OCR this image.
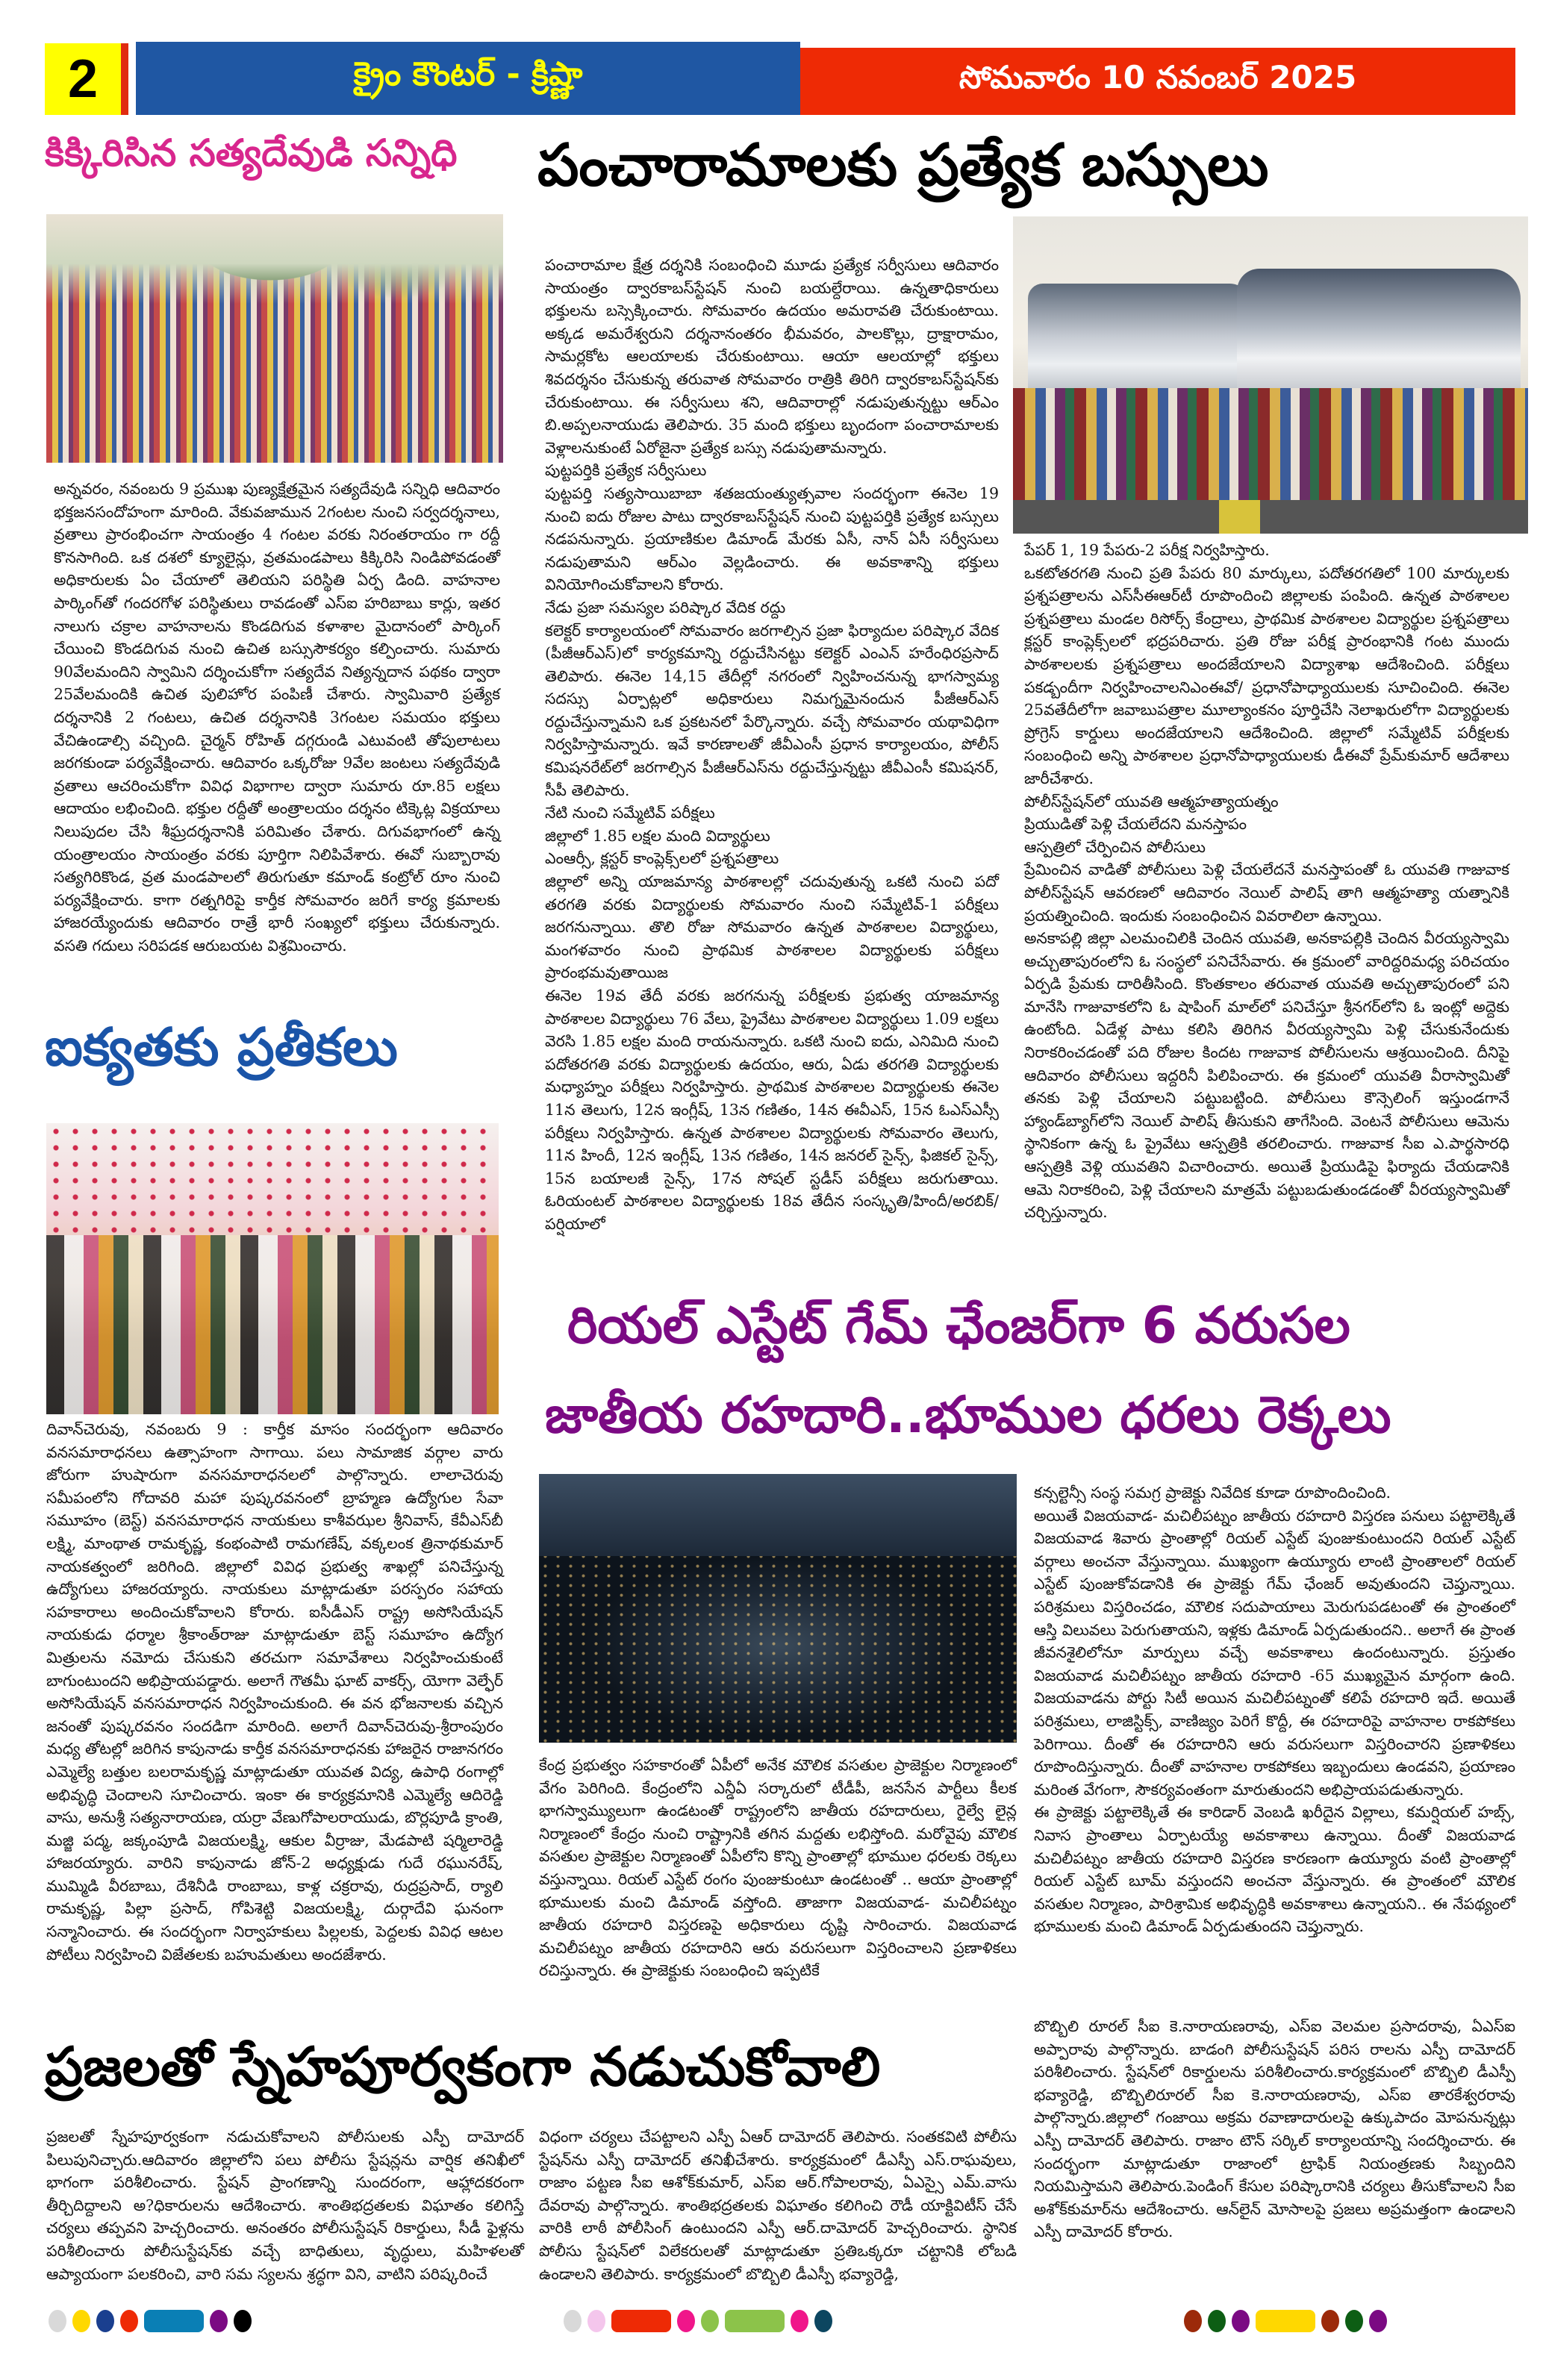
2	క్రైం కౌంటర్ - క్రిష్ణా	సోమవారం 10 నవంబర్ 2025
కిక్కిరిసిన సత్యదేవుడి సన్నిధి

అన్నవరం, నవంబరు 9 ప్రముఖ పుణ్యక్షేత్రమైన సత్యదేవుడి సన్నిధి ఆదివారం భక్తజనసందోహంగా మారింది. వేకువజామున 2గంటల నుంచి సర్వదర్శనాలు, వ్రతాలు ప్రారంభించగా సాయంత్రం 4 గంటల వరకు నిరంతరాయం గా రద్దీ కొనసాగింది. ఒక దశలో క్యూలైన్లు, వ్రతమండపాలు కిక్కిరిసి నిండిపోవడంతో అధికారులకు ఏం చేయాలో తెలియని పరిస్థితి ఏర్ప డింది. వాహనాల పార్కింగ్‌తో గందరగోళ పరిస్థితులు రావడంతో ఎస్‌ఐ హరిబాబు కార్లు, ఇతర నాలుగు చక్రాల వాహనాలను కొండదిగువ కళాశాల మైదానంలో పార్కింగ్ చేయించి కొండదిగువ నుంచి ఉచిత బస్సుసౌకర్యం కల్పించారు. సుమారు 90వేలమందిని స్వామిని దర్శించుకోగా సత్యదేవ నిత్యన్నదాన పథకం ద్వారా 25వేలమందికి ఉచిత పులిహోర పంపిణీ చేశారు. స్వామివారి ప్రత్యేక దర్శనానికి 2 గంటలు, ఉచిత దర్శనానికి 3గంటల సమయం భక్తులు వేచిఉండాల్సి వచ్చింది. చైర్మన్ రోహిత్ దగ్గరుండి ఎటువంటి తోపులాటలు జరగకుండా పర్యవేక్షించారు. ఆదివారం ఒక్కరోజు 9వేల జంటలు సత్యదేవుడి వ్రతాలు ఆచరించుకోగా వివిధ విభాగాల ద్వారా సుమారు రూ.85 లక్షలు ఆదాయం లభించింది. భక్తుల రద్దీతో అంత్రాలయం దర్శనం టిక్కెట్ల విక్రయాలు నిలుపుదల చేసి శీఘ్రదర్శనానికి పరిమితం చేశారు. దిగువభాగంలో ఉన్న యంత్రాలయం సాయంత్రం వరకు పూర్తిగా నిలిపివేశారు. ఈవో సుబ్బారావు సత్యగిరికొండ, వ్రత మండపాలలో తిరుగుతూ కమాండ్ కంట్రోల్ రూం నుంచి పర్యవేక్షించారు. కాగా రత్నగిరిపై కార్తీక సోమవారం జరిగే కార్య క్రమాలకు హాజరయ్యేందుకు ఆదివారం రాత్రే భారీ సంఖ్యలో భక్తులు చేరుకున్నారు. వసతి గదులు సరిపడక ఆరుబయట విశ్రమించారు.

పంచారామాలకు ప్రత్యేక బస్సులు

పంచారామాల క్షేత్ర దర్శనికి సంబంధించి మూడు ప్రత్యేక సర్వీసులు ఆదివారం సాయంత్రం ద్వారకాబస్‌స్టేషన్ నుంచి బయల్దేరాయి. ఉన్నతాధికారులు భక్తులను బస్సెక్కించారు. సోమవారం ఉదయం అమరావతి చేరుకుంటాయి. అక్కడ అమరేశ్వరుని దర్శనానంతరం భీమవరం, పాలకొల్లు, ద్రాక్షారామం, సామర్లకోట ఆలయాలకు చేరుకుంటాయి. ఆయా ఆలయాల్లో భక్తులు శివదర్శనం చేసుకున్న తరువాత సోమవారం రాత్రికి తిరిగి ద్వారకాబస్‌స్టేషన్‌కు చేరుకుంటాయి. ఈ సర్వీసులు శని, ఆదివారాల్లో నడుపుతున్నట్టు ఆర్‌ఎం బి.అప్పలనాయుడు తెలిపారు. 35 మంది భక్తులు బృందంగా పంచారామాలకు వెళ్లాలనుకుంటే ఏరోజైనా ప్రత్యేక బస్సు నడుపుతామన్నారు.

పుట్టపర్తికి ప్రత్యేక సర్వీసులు

పుట్టపర్తి సత్యసాయిబాబా శతజయంత్యుత్సవాల సందర్భంగా ఈనెల 19 నుంచి ఐదు రోజుల పాటు ద్వారకాబస్‌స్టేషన్ నుంచి పుట్టపర్తికి ప్రత్యేక బస్సులు నడపనున్నారు. ప్రయాణికుల డిమాండ్ మేరకు ఏసీ, నాన్ ఏసీ సర్వీసులు నడుపుతామని ఆర్‌ఎం వెల్లడించారు. ఈ అవకాశాన్ని భక్తులు వినియోగించుకోవాలని కోరారు.

నేడు ప్రజా సమస్యల పరిష్కార వేదిక రద్దు

కలెక్టర్ కార్యాలయంలో సోమవారం జరగాల్సిన ప్రజా ఫిర్యాదుల పరిష్కార వేదిక (పీజీఆర్‌ఎస్)లో కార్యకమాన్ని రద్దుచేసినట్టు కలెక్టర్ ఎంఎన్ హరేంధిరప్రసాద్ తెలిపారు. ఈనెల 14,15 తేదీల్లో నగరంలో న్విహించనున్న భాగస్వామ్య సదస్సు ఏర్పాట్లలో అధికారులు నిమగ్నమైనందున పీజీఆర్‌ఎస్ రద్దుచేస్తున్నామని ఒక ప్రకటనలో పేర్కొన్నారు. వచ్చే సోమవారం యథావిధిగా నిర్వహిస్తామన్నారు. ఇవే కారణాలతో జీవీఎంసీ ప్రధాన కార్యాలయం, పోలీస్ కమిషనరేట్‌లో జరగాల్సిన పీజీఆర్‌ఎస్‌ను రద్దుచేస్తున్నట్టు జీవీఎంసీ కమిషనర్, సీపీ తెలిపారు.

నేటి నుంచి సమ్మేటివ్ పరీక్షలు

జిల్లాలో 1.85 లక్షల మంది విద్యార్థులు

ఎంఆర్సీ, క్లస్టర్ కాంప్లెక్స్‌లలో ప్రశ్నపత్రాలు

జిల్లాలో అన్ని యాజమాన్య పాఠశాలల్లో చదువుతున్న ఒకటి నుంచి పదో తరగతి వరకు విద్యార్థులకు సోమవారం నుంచి సమ్మేటివ్-1 పరీక్షలు జరగనున్నాయి. తొలి రోజు సోమవారం ఉన్నత పాఠశాలల విద్యార్థులు, మంగళవారం నుంచి ప్రాథమిక పాఠశాలల విద్యార్థులకు పరీక్షలు ప్రారంభమవుతాయిజ

ఈనెల 19వ తేదీ వరకు జరగనున్న పరీక్షలకు ప్రభుత్వ యాజమాన్య పాఠశాలల విద్యార్థులు 76 వేలు, ప్రైవేటు పాఠశాలల విద్యార్థులు 1.09 లక్షలు వెరసి 1.85 లక్షల మంది రాయనున్నారు. ఒకటి నుంచి ఐదు, ఎనిమిది నుంచి పదోతరగతి వరకు విద్యార్థులకు ఉదయం, ఆరు, ఏడు తరగతి విద్యార్థులకు మధ్యాహ్నం పరీక్షలు నిర్వహిస్తారు. ప్రాథమిక పాఠశాలల విద్యార్థులకు ఈనెల 11న తెలుగు, 12న ఇంగ్లీష్, 13న గణితం, 14న ఈవీఎస్, 15న ఓఎస్ఎస్సీ పరీక్షలు నిర్వహిస్తారు. ఉన్నత పాఠశాలల విద్యార్థులకు సోమవారం తెలుగు, 11న హిందీ, 12న ఇంగ్లీష్, 13న గణితం, 14న జనరల్ సైన్స్, ఫిజికల్ సైన్స్, 15న బయాలజీ సైన్స్, 17న సోషల్ స్టడీస్ పరీక్షలు జరుగుతాయి. ఓరియంటల్ పాఠశాలల విద్యార్థులకు 18వ తేదీన సంస్కృతి/హిందీ/అరబిక్/పర్షియాలో

పేపర్ 1, 19 పేపరు-2 పరీక్ష నిర్వహిస్తారు.

ఒకటోతరగతి నుంచి ప్రతి పేపరు 80 మార్కులు, పదోతరగతిలో 100 మార్కులకు ప్రశ్నపత్రాలను ఎస్‌సీఈఆర్‌టీ రూపొందించి జిల్లాలకు పంపింది. ఉన్నత పాఠశాలల ప్రశ్నపత్రాలు మండల రిసోర్స్ కేంద్రాలు, ప్రాథమిక పాఠశాలల విద్యార్థుల ప్రశ్నపత్రాలు క్లస్టర్ కాంప్లెక్స్‌లలో భద్రపరిచారు. ప్రతి రోజు పరీక్ష ప్రారంభానికి గంట ముందు పాఠశాలలకు ప్రశ్నపత్రాలు అందజేయాలని విద్యాశాఖ ఆదేశించింది. పరీక్షలు పకడ్బందీగా నిర్వహించాలనిఎంఈవో/ ప్రధానోపాధ్యాయులకు సూచించింది. ఈనెల 25వతేదీలోగా జవాబుపత్రాల మూల్యాంకనం పూర్తిచేసి నెలాఖరులోగా విద్యార్థులకు ప్రోగ్రెస్ కార్డులు అందజేయాలని ఆదేశించింది. జిల్లాలో సమ్మేటివ్ పరీక్షలకు సంబంధించి అన్ని పాఠశాలల ప్రధానోపాధ్యాయులకు డీఈవో ప్రేమ్‌కుమార్ ఆదేశాలు జారీచేశారు.

పోలీస్‌స్టేషన్‌లో యువతి ఆత్మహత్యాయత్నం

ప్రియుడితో పెళ్లి చేయలేదని మనస్తాపం

ఆస్పత్రిలో చేర్పించిన పోలీసులు

ప్రేమించిన వాడితో పోలీసులు పెళ్లి చేయలేదనే మనస్తాపంతో ఓ యువతి గాజువాక పోలీస్‌స్టేషన్ ఆవరణలో ఆదివారం నెయిల్ పాలిష్ తాగి ఆత్మహత్యా యత్నానికి ప్రయత్నించింది. ఇందుకు సంబంధించిన వివరాలిలా ఉన్నాయి.

అనకాపల్లి జిల్లా ఎలమంచిలికి చెందిన యువతి, అనకాపల్లికి చెందిన వీరయ్యస్వామి అచ్చుతాపురంలోని ఓ సంస్థలో పనిచేసేవారు. ఈ క్రమంలో వారిద్దరిమధ్య పరిచయం ఏర్పడి ప్రేమకు దారితీసింది. కొంతకాలం తరువాత యువతి అచ్చుతాపురంలో పని మానేసి గాజువాకలోని ఓ షాపింగ్ మాల్‌లో పనిచేస్తూ శ్రీనగర్‌లోని ఓ ఇంట్లో అద్దెకు ఉంటోంది. ఏడేళ్ల పాటు కలిసి తిరిగిన వీరయ్యస్వామి పెళ్లి చేసుకునేందుకు నిరాకరించడంతో పది రోజుల కిందట గాజువాక పోలీసులను ఆశ్రయించింది. దీనిపై ఆదివారం పోలీసులు ఇద్దరినీ పిలిపించారు. ఈ క్రమంలో యువతి వీరాస్వామితో తనకు పెళ్లి చేయాలని పట్టుబట్టింది. పోలీసులు కౌన్సెలింగ్ ఇస్తుండగానే హ్యాండ్‌బ్యాగ్‌లోని నెయిల్ పాలిష్ తీసుకుని తాగేసింది. వెంటనే పోలీసులు ఆమెను స్థానికంగా ఉన్న ఓ ప్రైవేటు ఆస్పత్రికి తరలించారు. గాజువాక సీఐ ఎ.పార్థసారధి ఆస్పత్రికి వెళ్లి యువతిని విచారించారు. అయితే ప్రియుడిపై ఫిర్యాదు చేయడానికి ఆమె నిరాకరించి, పెళ్లి చేయాలని మాత్రమే పట్టుబడుతుండడంతో వీరయ్యస్వామితో చర్చిస్తున్నారు.

ఐక్యతకు ప్రతీకలు

దివాన్‌చెరువు, నవంబరు 9 : కార్తీక మాసం సందర్భంగా ఆదివారం వనసమారాధనలు ఉత్సాహంగా సాగాయి. పలు సామాజిక వర్గాల వారు జోరుగా హుషారుగా వనసమారాధనలలో పాల్గొన్నారు. లాలాచెరువు సమీపంలోని గోదావరి మహా పుష్కరవనంలో బ్రాహ్మణ ఉద్యోగుల సేవా సమూహం (బెస్ట్) వనసమారాధన నాయకులు కాశీవఝల శ్రీనివాస్, కేవీఎస్‌బీ లక్ష్మి, మాంథాత రామకృష్ణ, కంభంపాటి రామగణేష్, వక్కలంక త్రినాథకుమార్ నాయకత్వంలో జరిగింది. జిల్లాలో వివిధ ప్రభుత్వ శాఖల్లో పనిచేస్తున్న ఉద్యోగులు హాజరయ్యారు. నాయకులు మాట్లాడుతూ పరస్పరం సహాయ సహకారాలు అందించుకోవాలని కోరారు. ఐసీడీఎస్ రాష్ట్ర అసోసియేషన్ నాయకుడు ధర్మాల శ్రీకాంత్‌రాజు మాట్లాడుతూ బెస్ట్ సమూహం ఉద్యోగ మిత్రులను నమోదు చేసుకుని తరచుగా సమావేశాలు నిర్వహించుకుంటే బాగుంటుందని అభిప్రాయపడ్డారు. అలాగే గౌతమీ ఘాట్ వాకర్స్, యోగా వెల్ఫేర్ అసోసియేషన్ వనసమారాధన నిర్వహించుకుంది. ఈ వన భోజనాలకు వచ్చిన జనంతో పుష్కరవనం సందడిగా మారింది. అలాగే దివాన్‌చెరువు-శ్రీరాంపురం మధ్య తోటల్లో జరిగిన కాపునాడు కార్తీక వనసమారాధనకు హాజరైన రాజానగరం ఎమ్మెల్యే బత్తుల బలరామకృష్ణ మాట్లాడుతూ యువత విద్య, ఉపాధి రంగాల్లో అభివృద్ధి చెందాలని సూచించారు. ఇంకా ఈ కార్యక్రమానికి ఎమ్మెల్యే ఆదిరెడ్డి వాసు, అనుశ్రీ సత్యనారాయణ, యర్రా వేణుగోపాలరాయుడు, బొర్లపూడి క్రాంతి, మజ్జి పద్మ, జక్కంపూడి విజయలక్ష్మి, ఆకుల వీర్రాజు, మేడపాటి షర్మిలారెడ్డి హాజరయ్యారు. వారిని కాపునాడు జోన్-2 అధ్యక్షుడు గుదే రఘునరేష్, ముమ్మిడి వీరబాబు, దేశినీడి రాంబాబు, కాళ్ల చక్రరావు, రుద్రప్రసాద్, ర్యాలి రామకృష్ణ, పిల్లా ప్రసాద్, గోపిశెట్టి విజయలక్ష్మి, దుర్గాదేవి ఘనంగా సన్మానించారు. ఈ సందర్భంగా నిర్వాహకులు పిల్లలకు, పెద్దలకు వివిధ ఆటల పోటీలు నిర్వహించి విజేతలకు బహుమతులు అందజేశారు.

రియల్ ఎస్టేట్ గేమ్ ఛేంజర్‌గా 6 వరుసల
జాతీయ రహదారి..భూముల ధరలు రెక్కలు

కేంద్ర ప్రభుత్వం సహకారంతో ఏపీలో అనేక మౌలిక వసతుల ప్రాజెక్టుల నిర్మాణంలో వేగం పెరిగింది. కేంద్రంలోని ఎన్డీఏ సర్కారులో టీడీపీ, జనసేన పార్టీలు కీలక భాగస్వామ్యులుగా ఉండటంతో రాష్ట్రంలోని జాతీయ రహదారులు, రైల్వే లైన్ల నిర్మాణంలో కేంద్రం నుంచి రాష్ట్రానికి తగిన మద్దతు లభిస్తోంది. మరోవైపు మౌలిక వసతుల ప్రాజెక్టుల నిర్మాణంతో ఏపీలోని కొన్ని ప్రాంతాల్లో భూముల ధరలకు రెక్కలు వస్తున్నాయి. రియల్ ఎస్టేట్ రంగం పుంజుకుంటూ ఉండటంతో .. ఆయా ప్రాంతాల్లో భూములకు మంచి డిమాండ్ వస్తోంది. తాజాగా విజయవాడ- మచిలీపట్నం జాతీయ రహదారి విస్తరణపై అధికారులు దృష్టి సారించారు. విజయవాడ మచిలీపట్నం జాతీయ రహదారిని ఆరు వరుసలుగా విస్తరించాలని ప్రణాళికలు రచిస్తున్నారు. ఈ ప్రాజెక్టుకు సంబంధించి ఇప్పటికే

కన్సల్టెన్సీ సంస్థ సమగ్ర ప్రాజెక్టు నివేదిక కూడా రూపొందించింది.

అయితే విజయవాడ- మచిలీపట్నం జాతీయ రహదారి విస్తరణ పనులు పట్టాలెక్కితే విజయవాడ శివారు ప్రాంతాల్లో రియల్ ఎస్టేట్ పుంజుకుంటుందని రియల్ ఎస్టేట్ వర్గాలు అంచనా వేస్తున్నాయి. ముఖ్యంగా ఉయ్యూరు లాంటి ప్రాంతాలలో రియల్ ఎస్టేట్ పుంజుకోవడానికి ఈ ప్రాజెక్టు గేమ్ ఛేంజర్ అవుతుందని చెప్తున్నాయి. పరిశ్రమలు విస్తరించడం, మౌలిక సదుపాయాలు మెరుగుపడటంతో ఈ ప్రాంతంలో ఆస్తి విలువలు పెరుగుతాయని, ఇళ్లకు డిమాండ్ ఏర్పడుతుందని.. అలాగే ఈ ప్రాంత జీవనశైలిలోనూ మార్పులు వచ్చే అవకాశాలు ఉందంటున్నారు. ప్రస్తుతం విజయవాడ మచిలీపట్నం జాతీయ రహదారి -65 ముఖ్యమైన మార్గంగా ఉంది. విజయవాడను పోర్టు సిటీ అయిన మచిలీపట్నంతో కలిపే రహదారి ఇదే. అయితే పరిశ్రమలు, లాజిస్టిక్స్, వాణిజ్యం పెరిగే కొద్దీ, ఈ రహదారిపై వాహనాల రాకపోకలు పెరిగాయి. దీంతో ఈ రహదారిని ఆరు వరుసలుగా విస్తరించారని ప్రణాళికలు రూపొందిస్తున్నారు. దీంతో వాహనాల రాకపోకలు ఇబ్బందులు ఉండవని, ప్రయాణం మరింత వేగంగా, సౌకర్యవంతంగా మారుతుందని అభిప్రాయపడుతున్నారు.

ఈ ప్రాజెక్టు పట్టాలెక్కితే ఈ కారిడార్ వెంబడి ఖరీదైన విల్లాలు, కమర్షియల్ హబ్స్, నివాస ప్రాంతాలు ఏర్పాటయ్యే అవకాశాలు ఉన్నాయి. దీంతో విజయవాడ మచిలీపట్నం జాతీయ రహదారి విస్తరణ కారణంగా ఉయ్యూరు వంటి ప్రాంతాల్లో రియల్ ఎస్టేట్ బూమ్ వస్తుందని అంచనా వేస్తున్నారు. ఈ ప్రాంతంలో మౌలిక వసతుల నిర్మాణం, పారిశ్రామిక అభివృద్ధికి అవకాశాలు ఉన్నాయని.. ఈ నేపథ్యంలో భూములకు మంచి డిమాండ్ ఏర్పడుతుందని చెప్తున్నారు.

ప్రజలతో స్నేహపూర్వకంగా నడుచుకోవాలి

ప్రజలతో స్నేహపూర్వకంగా నడుచుకోవాలని పోలీసులకు ఎస్పీ దామోదర్ పిలుపునిచ్చారు.ఆదివారం జిల్లాలోని పలు పోలీసు స్టేషన్లను వార్షిక తనిఖీలో భాగంగా పరిశీలించారు. స్టేషన్ ప్రాంగణాన్ని సుందరంగా, ఆహ్లాదకరంగా తీర్చిదిద్దాలని అ?ధికారులను ఆదేశించారు. శాంతిభద్రతలకు విఘాతం కలిగిస్తే చర్యలు తప్పవని హెచ్చరించారు. అనంతరం పోలీసుస్టేషన్ రికార్డులు, సీడీ ఫైళ్లను పరిశీలించారు పోలీసుస్టేషన్‌కు వచ్చే బాధితులు, వృద్ధులు, మహిళలతో ఆప్యాయంగా పలకరించి, వారి సమ స్యలను శ్రద్ధగా విని, వాటిని పరిష్కరించే

విధంగా చర్యలు చేపట్టాలని ఎస్పీ ఏఆర్ దామోదర్ తెలిపారు. సంతకవిటి పోలీసు స్టేషన్‌ను ఎస్పీ దామోదర్ తనిఖీచేశారు. కార్యక్రమంలో డీఎస్పీ ఎస్.రాఘవులు, రాజాం పట్టణ సీఐ ఆశోక్‌కుమార్, ఎస్‌ఐ ఆర్.గోపాలరావు, ఏఎస్సై ఎమ్.వాసు దేవరావు పాల్గొన్నారు. శాంతిభద్రతలకు విఘాతం కలిగించి రౌడీ యాక్టివిటీస్ చేసే వారికి లాఠీ పోలీసింగ్ ఉంటుందని ఎస్పీ ఆర్.దామోదర్ హెచ్చరించారు. స్థానిక పోలీసు స్టేషన్‌లో విలేకరులతో మాట్లాడుతూ ప్రతిఒక్కరూ చట్టానికి లోబడి ఉండాలని తెలిపారు. కార్యక్రమంలో బొబ్బిలి డీఎస్పీ భవ్యారెడ్డి,

బొబ్బిలి రూరల్ సీఐ కె.నారాయణరావు, ఎస్‌ఐ వెలమల ప్రసాదరావు, ఏఎస్‌ఐ అప్పారావు పాల్గొన్నారు. బాడంగి పోలీసుస్టేషన్ పరిస రాలను ఎస్పీ దామోదర్ పరిశీలించారు. స్టేషన్‌లో రికార్డులను పరిశీలించారు.కార్యక్రమంలో బొబ్బిలి డీఎస్పీ భవ్యారెడ్డి, బొబ్బిలిరూరల్ సీఐ కె.నారాయణరావు, ఎస్‌ఐ తారకేశ్వరరావు పాల్గొన్నారు.జిల్లాలో గంజాయి అక్రమ రవాణాదారులపై ఉక్కుపాదం మోపనున్నట్లు ఎస్పీ దామోదర్ తెలిపారు. రాజాం టౌన్ సర్కిల్ కార్యాలయాన్ని సందర్శించారు. ఈ సందర్భంగా మాట్లాడుతూ రాజాంలో ట్రాఫిక్ నియంత్రణకు సిబ్బందిని నియమిస్తామని తెలిపారు.పెండింగ్ కేసుల పరిష్కారానికి చర్యలు తీసుకోవాలని సీఐ అశోక్‌కుమార్‌ను ఆదేశించారు. ఆన్‌లైన్ మోసాలపై ప్రజలు అప్రమత్తంగా ఉండాలని ఎస్పీ దామోదర్ కోరారు.
